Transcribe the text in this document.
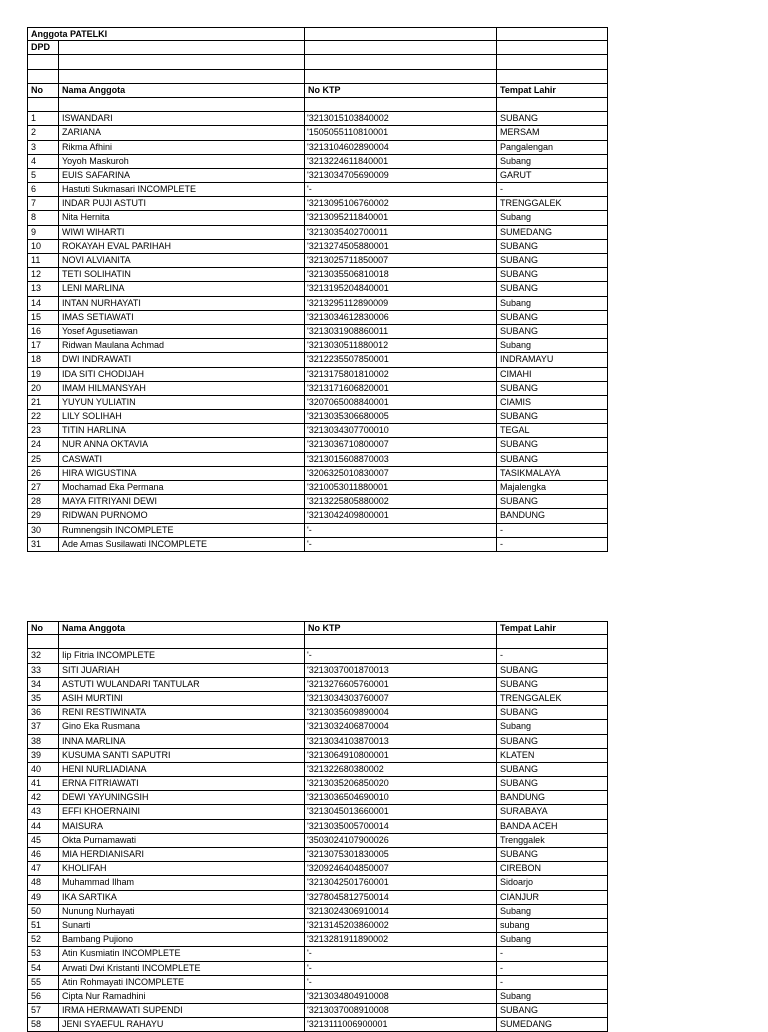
Anggota PATELKI
DPD
No	Nama Anggota	No KTP	Tempat Lahir
1	ISWANDARI	'3213015103840002	SUBANG
2	ZARIANA	'1505055110810001	MERSAM
3	Rikma Afhini	'3213104602890004	Pangalengan
4	Yoyoh Maskuroh	'3213224611840001	Subang
5	EUIS SAFARINA	'3213034705690009	GARUT
6	Hastuti Sukmasari INCOMPLETE	'-	-
7	INDAR PUJI ASTUTI	'3213095106760002	TRENGGALEK
8	Nita Hernita	'3213095211840001	Subang
9	WIWI WIHARTI	'3213035402700011	SUMEDANG
10	ROKAYAH EVAL PARIHAH	'3213274505880001	SUBANG
11	NOVI ALVIANITA	'3213025711850007	SUBANG
12	TETI SOLIHATIN	'3213035506810018	SUBANG
13	LENI MARLINA	'3213195204840001	SUBANG
14	INTAN NURHAYATI	'3213295112890009	Subang
15	IMAS SETIAWATI	'3213034612830006	SUBANG
16	Yosef Agusetiawan	'3213031908860011	SUBANG
17	Ridwan Maulana Achmad	'3213030511880012	Subang
18	DWI INDRAWATI	'3212235507850001	INDRAMAYU
19	IDA SITI CHODIJAH	'3213175801810002	CIMAHI
20	IMAM HILMANSYAH	'3213171606820001	SUBANG
21	YUYUN YULIATIN	'3207065008840001	CIAMIS
22	LILY SOLIHAH	'3213035306680005	SUBANG
23	TITIN HARLINA	'3213034307700010	TEGAL
24	NUR ANNA OKTAVIA	'3213036710800007	SUBANG
25	CASWATI	'3213015608870003	SUBANG
26	HIRA WIGUSTINA	'3206325010830007	TASIKMALAYA
27	Mochamad Eka Permana	'3210053011880001	Majalengka
28	MAYA FITRIYANI DEWI	'3213225805880002	SUBANG
29	RIDWAN PURNOMO	'3213042409800001	BANDUNG
30	Rumnengsih INCOMPLETE	'-	-
31	Ade Amas Susilawati INCOMPLETE	'-	-
No	Nama Anggota	No KTP	Tempat Lahir
32	Iip Fitria INCOMPLETE	'-	-
33	SITI JUARIAH	'3213037001870013	SUBANG
34	ASTUTI WULANDARI TANTULAR	'3213276605760001	SUBANG
35	ASIH MURTINI	'3213034303760007	TRENGGALEK
36	RENI RESTIWINATA	'3213035609890004	SUBANG
37	Gino Eka Rusmana	'3213032406870004	Subang
38	INNA MARLINA	'3213034103870013	SUBANG
39	KUSUMA SANTI SAPUTRI	'3213064910800001	KLATEN
40	HENI NURLIADIANA	'321322680380002	SUBANG
41	ERNA FITRIAWATI	'3213035206850020	SUBANG
42	DEWI YAYUNINGSIH	'3213036504690010	BANDUNG
43	EFFI KHOERNAINI	'3213045013660001	SURABAYA
44	MAISURA	'3213035005700014	BANDA ACEH
45	Okta Purnamawati	'3503024107900026	Trenggalek
46	MIA HERDIANISARI	'3213075301830005	SUBANG
47	KHOLIFAH	'3209246404850007	CIREBON
48	Muhammad Ilham	'3213042501760001	Sidoarjo
49	IKA SARTIKA	'3278045812750014	CIANJUR
50	Nunung Nurhayati	'3213024306910014	Subang
51	Sunarti	'3213145203860002	subang
52	Bambang Pujiono	'3213281911890002	Subang
53	Atin Kusmiatin INCOMPLETE	'-	-
54	Arwati Dwi Kristanti INCOMPLETE	'-	-
55	Atin Rohmayati INCOMPLETE	'-	-
56	Cipta Nur Ramadhini	'3213034804910008	Subang
57	IRMA HERMAWATI SUPENDI	'3213037008910008	SUBANG
58	JENI SYAEFUL RAHAYU	'3213111006900001	SUMEDANG
